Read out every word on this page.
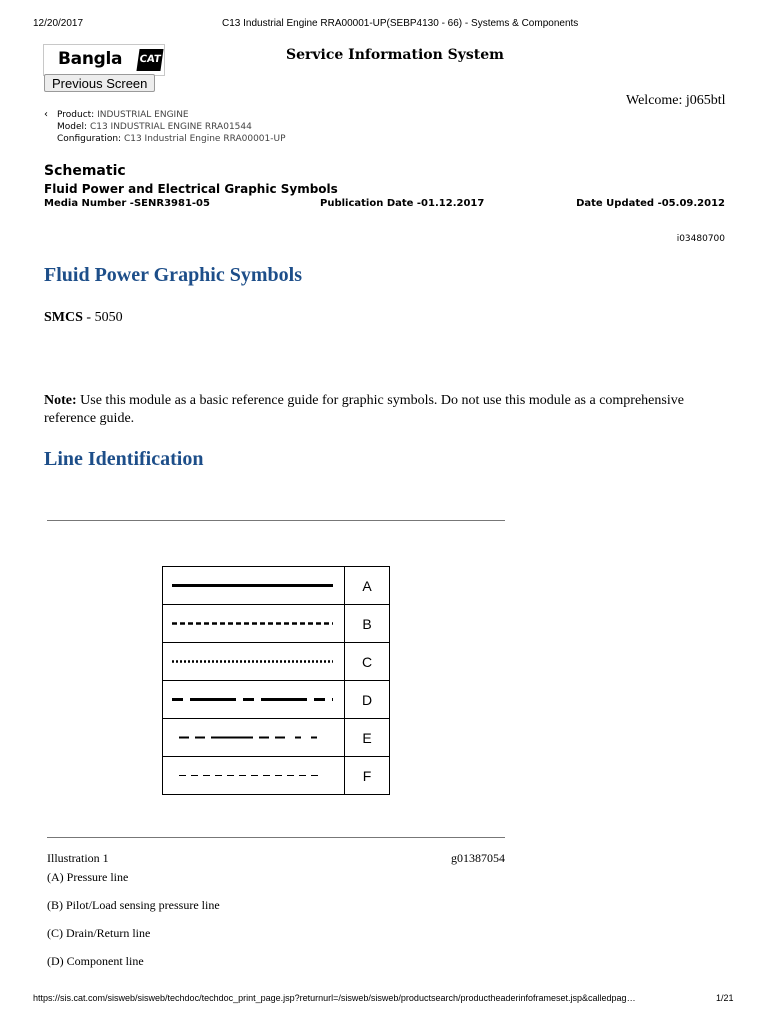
12/20/2017	C13 Industrial Engine RRA00001-UP(SEBP4130 - 66) - Systems & Components
Bangla CAT
Previous Screen
Service Information System
Welcome: j065btl
‹ Product: INDUSTRIAL ENGINE
Model: C13 INDUSTRIAL ENGINE RRA01544
Configuration: C13 Industrial Engine RRA00001-UP
Schematic
Fluid Power and Electrical Graphic Symbols
Media Number -SENR3981-05	Publication Date -01.12.2017	Date Updated -05.09.2012
i03480700
Fluid Power Graphic Symbols
SMCS - 5050
Note: Use this module as a basic reference guide for graphic symbols. Do not use this module as a comprehensive reference guide.
Line Identification
	A

	B

	C

	D

	E

	F
Illustration 1	g01387054
(A) Pressure line
(B) Pilot/Load sensing pressure line
(C) Drain/Return line
(D) Component line
https://sis.cat.com/sisweb/sisweb/techdoc/techdoc_print_page.jsp?returnurl=/sisweb/sisweb/productsearch/productheaderinfoframeset.jsp&calledpag…	1/21
